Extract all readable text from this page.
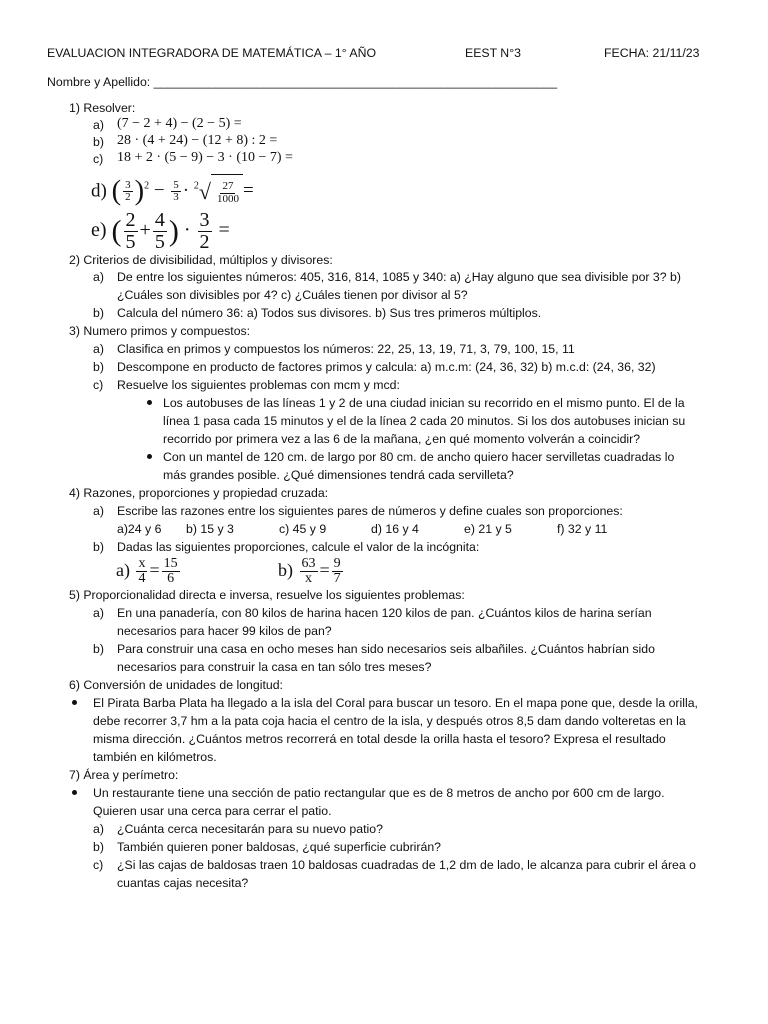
EVALUACION INTEGRADORA DE MATEMÁTICA – 1° AÑO	EEST N°3	FECHA: 21/11/23
Nombre y Apellido: ___________________________________________________________
1) Resolver:
a) (7 − 2 + 4) − (2 − 5) =
b) 28 · (4 + 24) − (12 + 8) : 2 =
c) 18 + 2 · (5 − 9) − 3 · (10 − 7) =
d) ( $\frac{3}{2} )^2 - \frac{5}{3} \cdot ^2$ √ $\frac{27}{1000}$ =
e) ( $\frac{2}{5} + \frac{4}{5}$ ) · $\frac{3}{2}$ =
2) Criterios de divisibilidad, múltiplos y divisores:
a) De entre los siguientes números: 405, 316, 814, 1085 y 340: a) ¿Hay alguno que sea divisible por 3? b)
¿Cuáles son divisibles por 4? c) ¿Cuáles tienen por divisor al 5?
b) Calcula del número 36: a) Todos sus divisores. b) Sus tres primeros múltiplos.
3) Numero primos y compuestos:
a) Clasifica en primos y compuestos los números: 22, 25, 13, 19, 71, 3, 79, 100, 15, 11
b) Descompone en producto de factores primos y calcula: a) m.c.m: (24, 36, 32) b) m.c.d: (24, 36, 32)
c) Resuelve los siguientes problemas con mcm y mcd:
Los autobuses de las líneas 1 y 2 de una ciudad inician su recorrido en el mismo punto. El de la
línea 1 pasa cada 15 minutos y el de la línea 2 cada 20 minutos. Si los dos autobuses inician su
recorrido por primera vez a las 6 de la mañana, ¿en qué momento volverán a coincidir?
Con un mantel de 120 cm. de largo por 80 cm. de ancho quiero hacer servilletas cuadradas lo
más grandes posible. ¿Qué dimensiones tendrá cada servilleta?
4) Razones, proporciones y propiedad cruzada:
a) Escribe las razones entre los siguientes pares de números y define cuales son proporciones:
a)24 y 6 b) 15 y 3	c) 45 y 9	d) 16 y 4	e) 21 y 5	f) 32 y 11
b) Dadas las siguientes proporciones, calcule el valor de la incógnita:
$a) \frac{x}{4} = \frac{15}{6}$	$b) \frac{63}{x} = \frac{9}{7}$
5) Proporcionalidad directa e inversa, resuelve los siguientes problemas:
a) En una panadería, con 80 kilos de harina hacen 120 kilos de pan. ¿Cuántos kilos de harina serían
necesarios para hacer 99 kilos de pan?
b) Para construir una casa en ocho meses han sido necesarios seis albañiles. ¿Cuántos habrían sido
necesarios para construir la casa en tan sólo tres meses?
6) Conversión de unidades de longitud:
El Pirata Barba Plata ha llegado a la isla del Coral para buscar un tesoro. En el mapa pone que, desde la orilla,
debe recorrer 3,7 hm a la pata coja hacia el centro de la isla, y después otros 8,5 dam dando volteretas en la
misma dirección. ¿Cuántos metros recorrerá en total desde la orilla hasta el tesoro? Expresa el resultado
también en kilómetros.
7) Área y perímetro:
Un restaurante tiene una sección de patio rectangular que es de 8 metros de ancho por 600 cm de largo.
Quieren usar una cerca para cerrar el patio.
a) ¿Cuánta cerca necesitarán para su nuevo patio?
b) También quieren poner baldosas, ¿qué superficie cubrirán?
c) ¿Si las cajas de baldosas traen 10 baldosas cuadradas de 1,2 dm de lado, le alcanza para cubrir el área o
cuantas cajas necesita?
